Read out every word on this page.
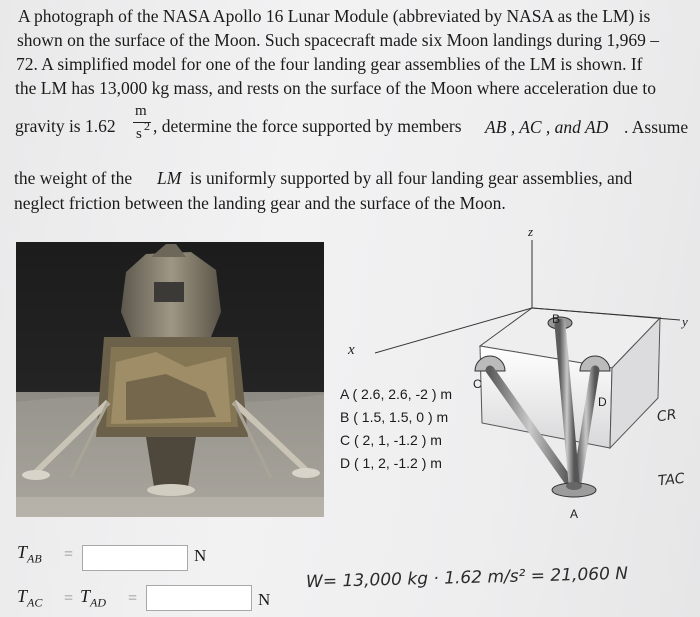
A photograph of the NASA Apollo 16 Lunar Module (abbreviated by NASA as the LM) is
shown on the surface of the Moon. Such spacecraft made six Moon landings during 1,969 –
72. A simplified model for one of the four landing gear assemblies of the LM is shown. If
the LM has 13,000 kg mass, and rests on the surface of the Moon where acceleration due to
gravity is 1.62
m
s 2 , determine the force supported by members AB , AC , and AD . Assume
the weight of the LM is uniformly supported by all four landing gear assemblies, and
neglect friction between the landing gear and the surface of the Moon.
z
y
x
B
C
D
A
A ( 2.6, 2.6, -2 ) m
B ( 1.5, 1.5, 0 ) m
C ( 2, 1, -1.2 ) m
D ( 1, 2, -1.2 ) m
CR
TAC
W= 13,000 kg · 1.62 m/s² = 21,060 N
$T_{AB}$ =	N
$T_{AC} = T_{AD}$ =	N
